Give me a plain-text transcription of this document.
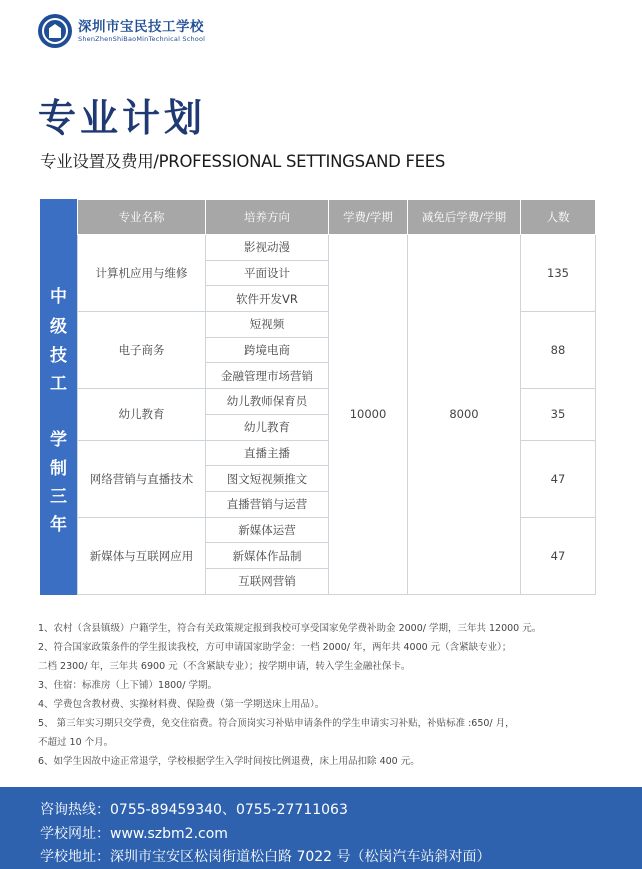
深圳市宝民技工学校
ShenZhenShiBaoMinTechnical School
专业计划
专业设置及费用/PROFESSIONAL SETTINGSAND FEES
中
级
技
工
学
制
三
年
专业名称	培养方向	学费/学期	减免后学费/学期	人数
计算机应用与维修	影视动漫	10000	8000	135
	平面设计			
	软件开发VR			
电子商务	短视频			88
	跨境电商			
	金融管理市场营销			
幼儿教育	幼儿教师保育员			35
	幼儿教育			
网络营销与直播技术	直播主播			47
	图文短视频推文			
	直播营销与运营			
新媒体与互联网应用	新媒体运营			47
	新媒体作品制			
	互联网营销			
1、农村（含县镇级）户籍学生，符合有关政策规定报到我校可享受国家免学费补助金 2000/ 学期，三年共 12000 元。
2、符合国家政策条件的学生报读我校，方可申请国家助学金：一档 2000/ 年，两年共 4000 元（含紧缺专业）；
二档 2300/ 年，三年共 6900 元（不含紧缺专业）；按学期申请，转入学生金融社保卡。
3、住宿：标准房（上下铺）1800/ 学期。
4、学费包含教材费、实操材料费、保险费（第一学期送床上用品）。
5、 第三年实习期只交学费，免交住宿费。符合顶岗实习补贴申请条件的学生申请实习补贴，补贴标准 :650/ 月，
不超过 10 个月。
6、如学生因故中途正常退学，学校根据学生入学时间按比例退费，床上用品扣除 400 元。
咨询热线：0755-89459340、0755-27711063
学校网址：www.szbm2.com
学校地址：深圳市宝安区松岗街道松白路 7022 号（松岗汽车站斜对面）
